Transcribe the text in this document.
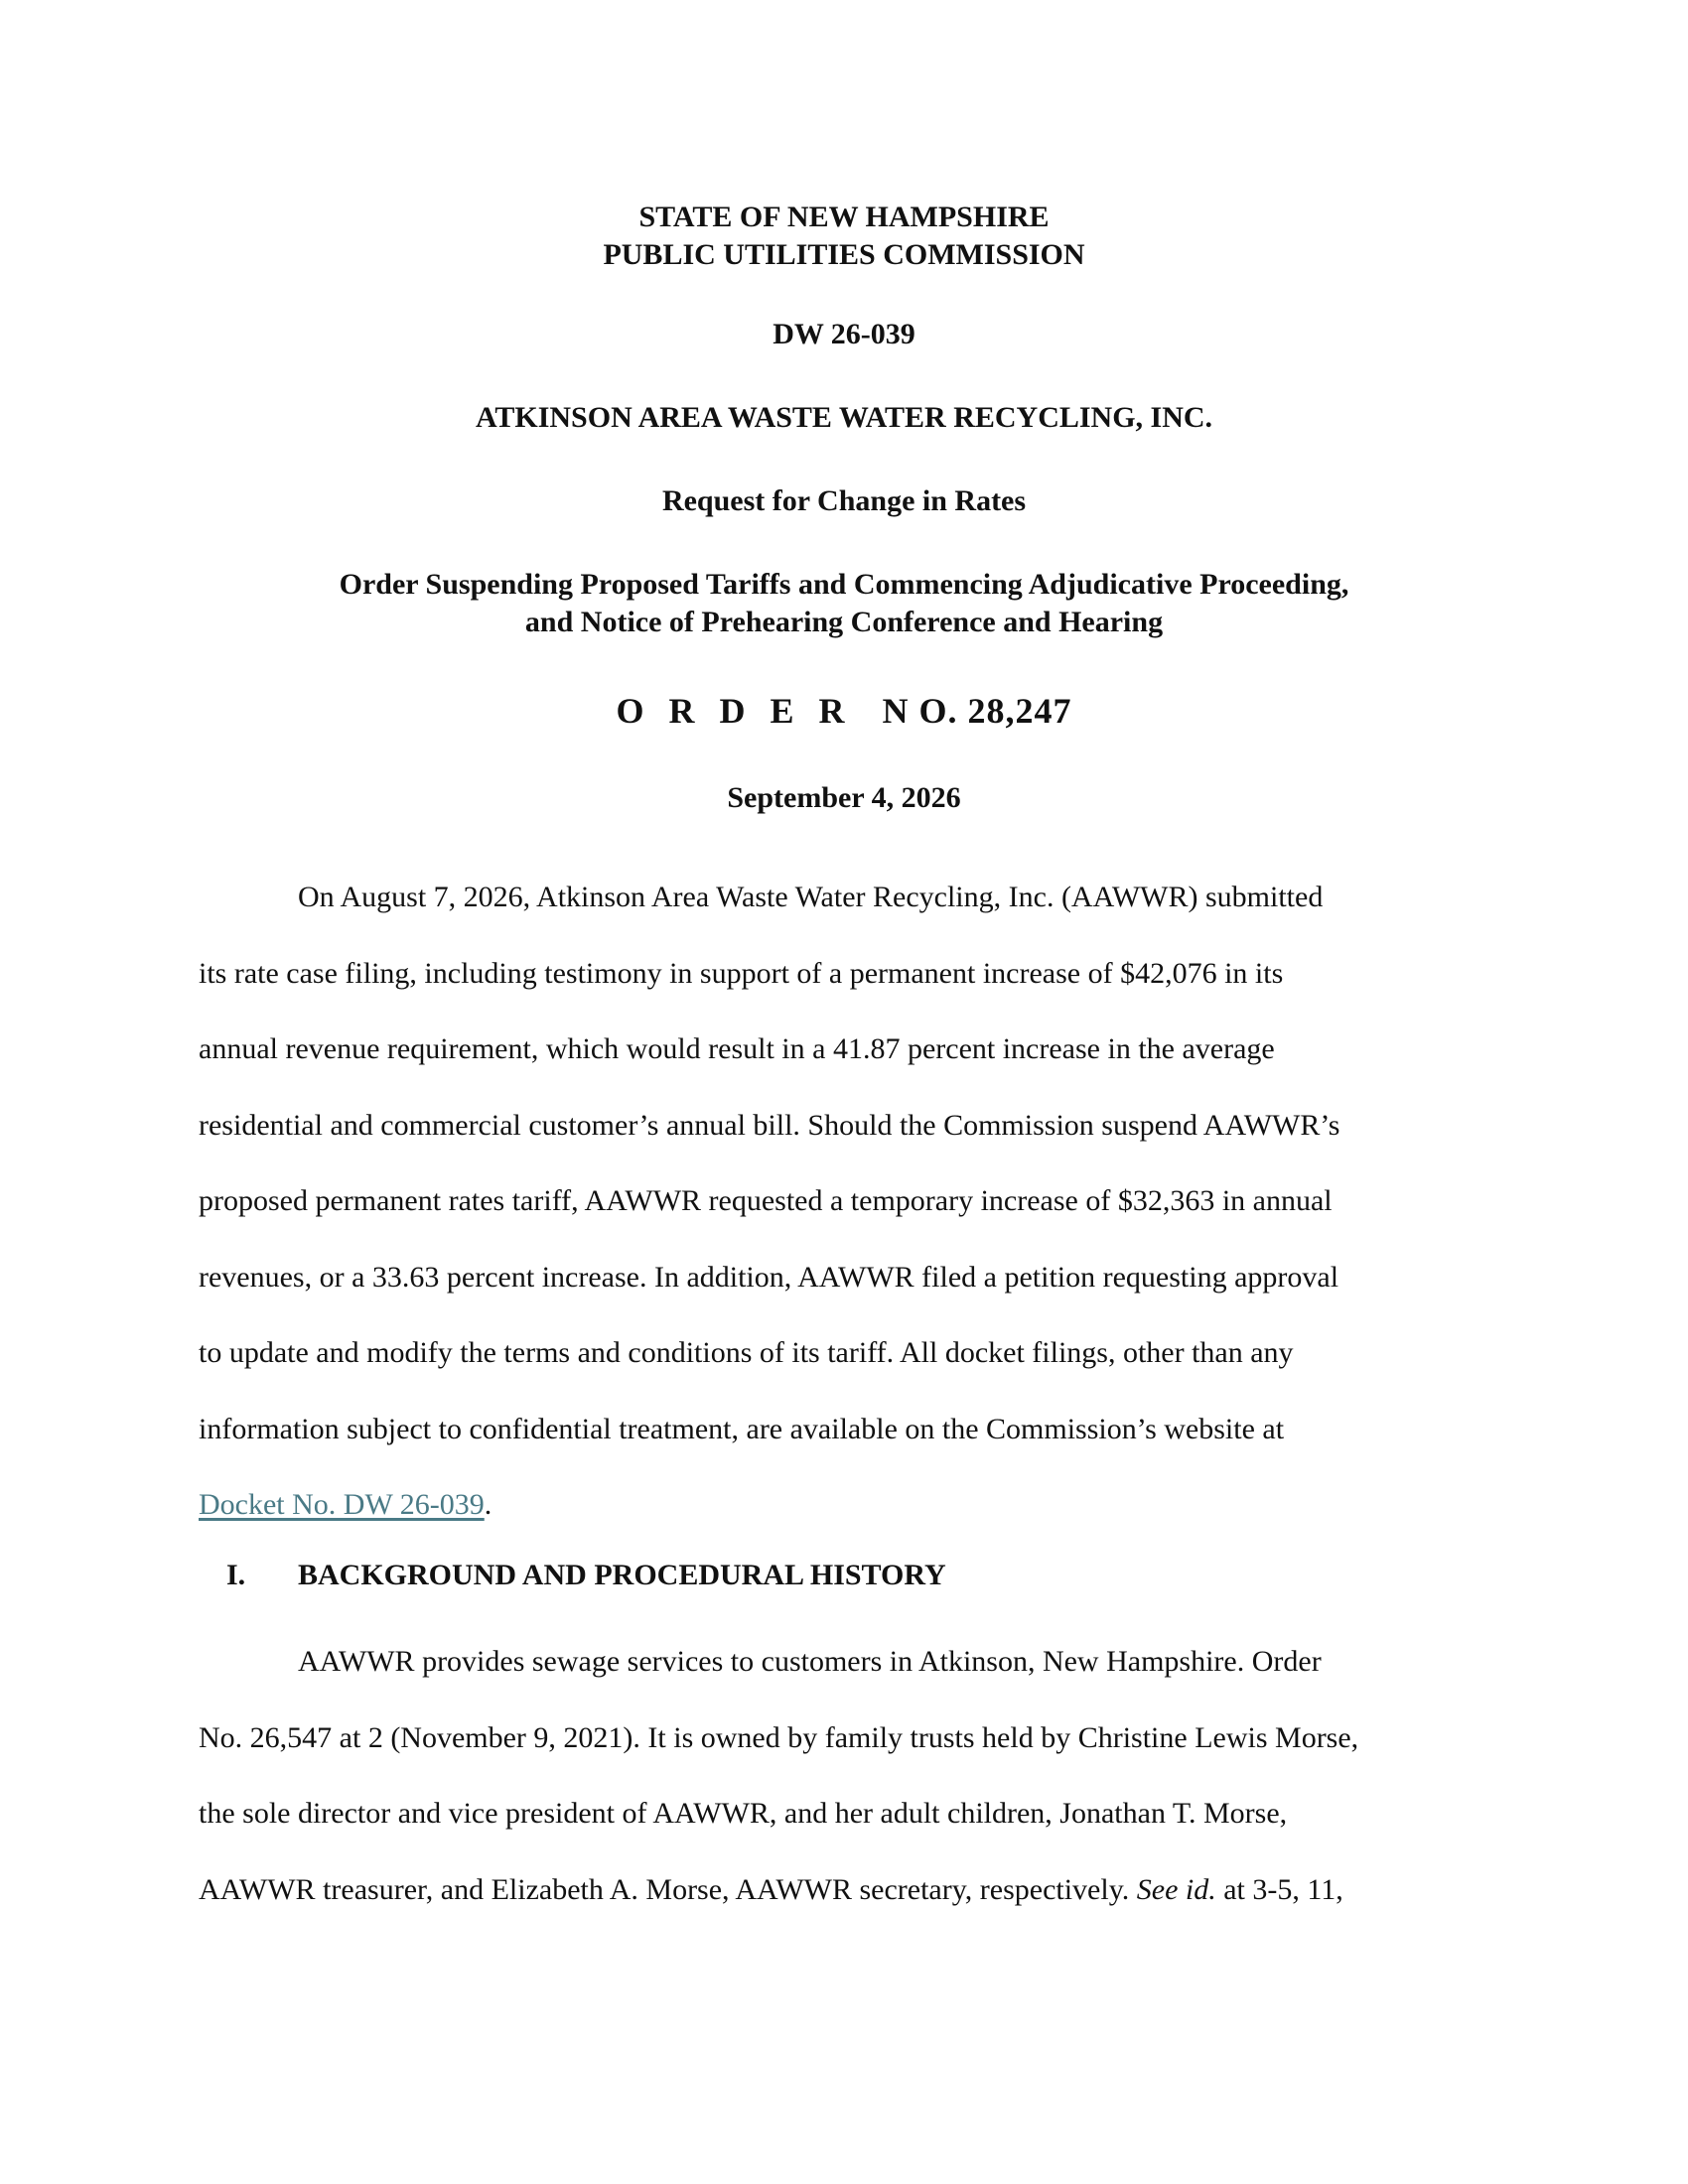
STATE OF NEW HAMPSHIRE
PUBLIC UTILITIES COMMISSION

DW 26-039

ATKINSON AREA WASTE WATER RECYCLING, INC.

Request for Change in Rates

Order Suspending Proposed Tariffs and Commencing Adjudicative Proceeding,
and Notice of Prehearing Conference and Hearing

O R D E R N O. 28,247

September 4, 2026

On August 7, 2026, Atkinson Area Waste Water Recycling, Inc. (AAWWR) submitted
its rate case filing, including testimony in support of a permanent increase of $42,076 in its
annual revenue requirement, which would result in a 41.87 percent increase in the average
residential and commercial customer’s annual bill. Should the Commission suspend AAWWR’s
proposed permanent rates tariff, AAWWR requested a temporary increase of $32,363 in annual
revenues, or a 33.63 percent increase. In addition, AAWWR filed a petition requesting approval
to update and modify the terms and conditions of its tariff. All docket filings, other than any
information subject to confidential treatment, are available on the Commission’s website at
Docket No. DW 26-039.
I. BACKGROUND AND PROCEDURAL HISTORY
AAWWR provides sewage services to customers in Atkinson, New Hampshire. Order
No. 26,547 at 2 (November 9, 2021). It is owned by family trusts held by Christine Lewis Morse,
the sole director and vice president of AAWWR, and her adult children, Jonathan T. Morse,
AAWWR treasurer, and Elizabeth A. Morse, AAWWR secretary, respectively. See id. at 3-5, 11,
